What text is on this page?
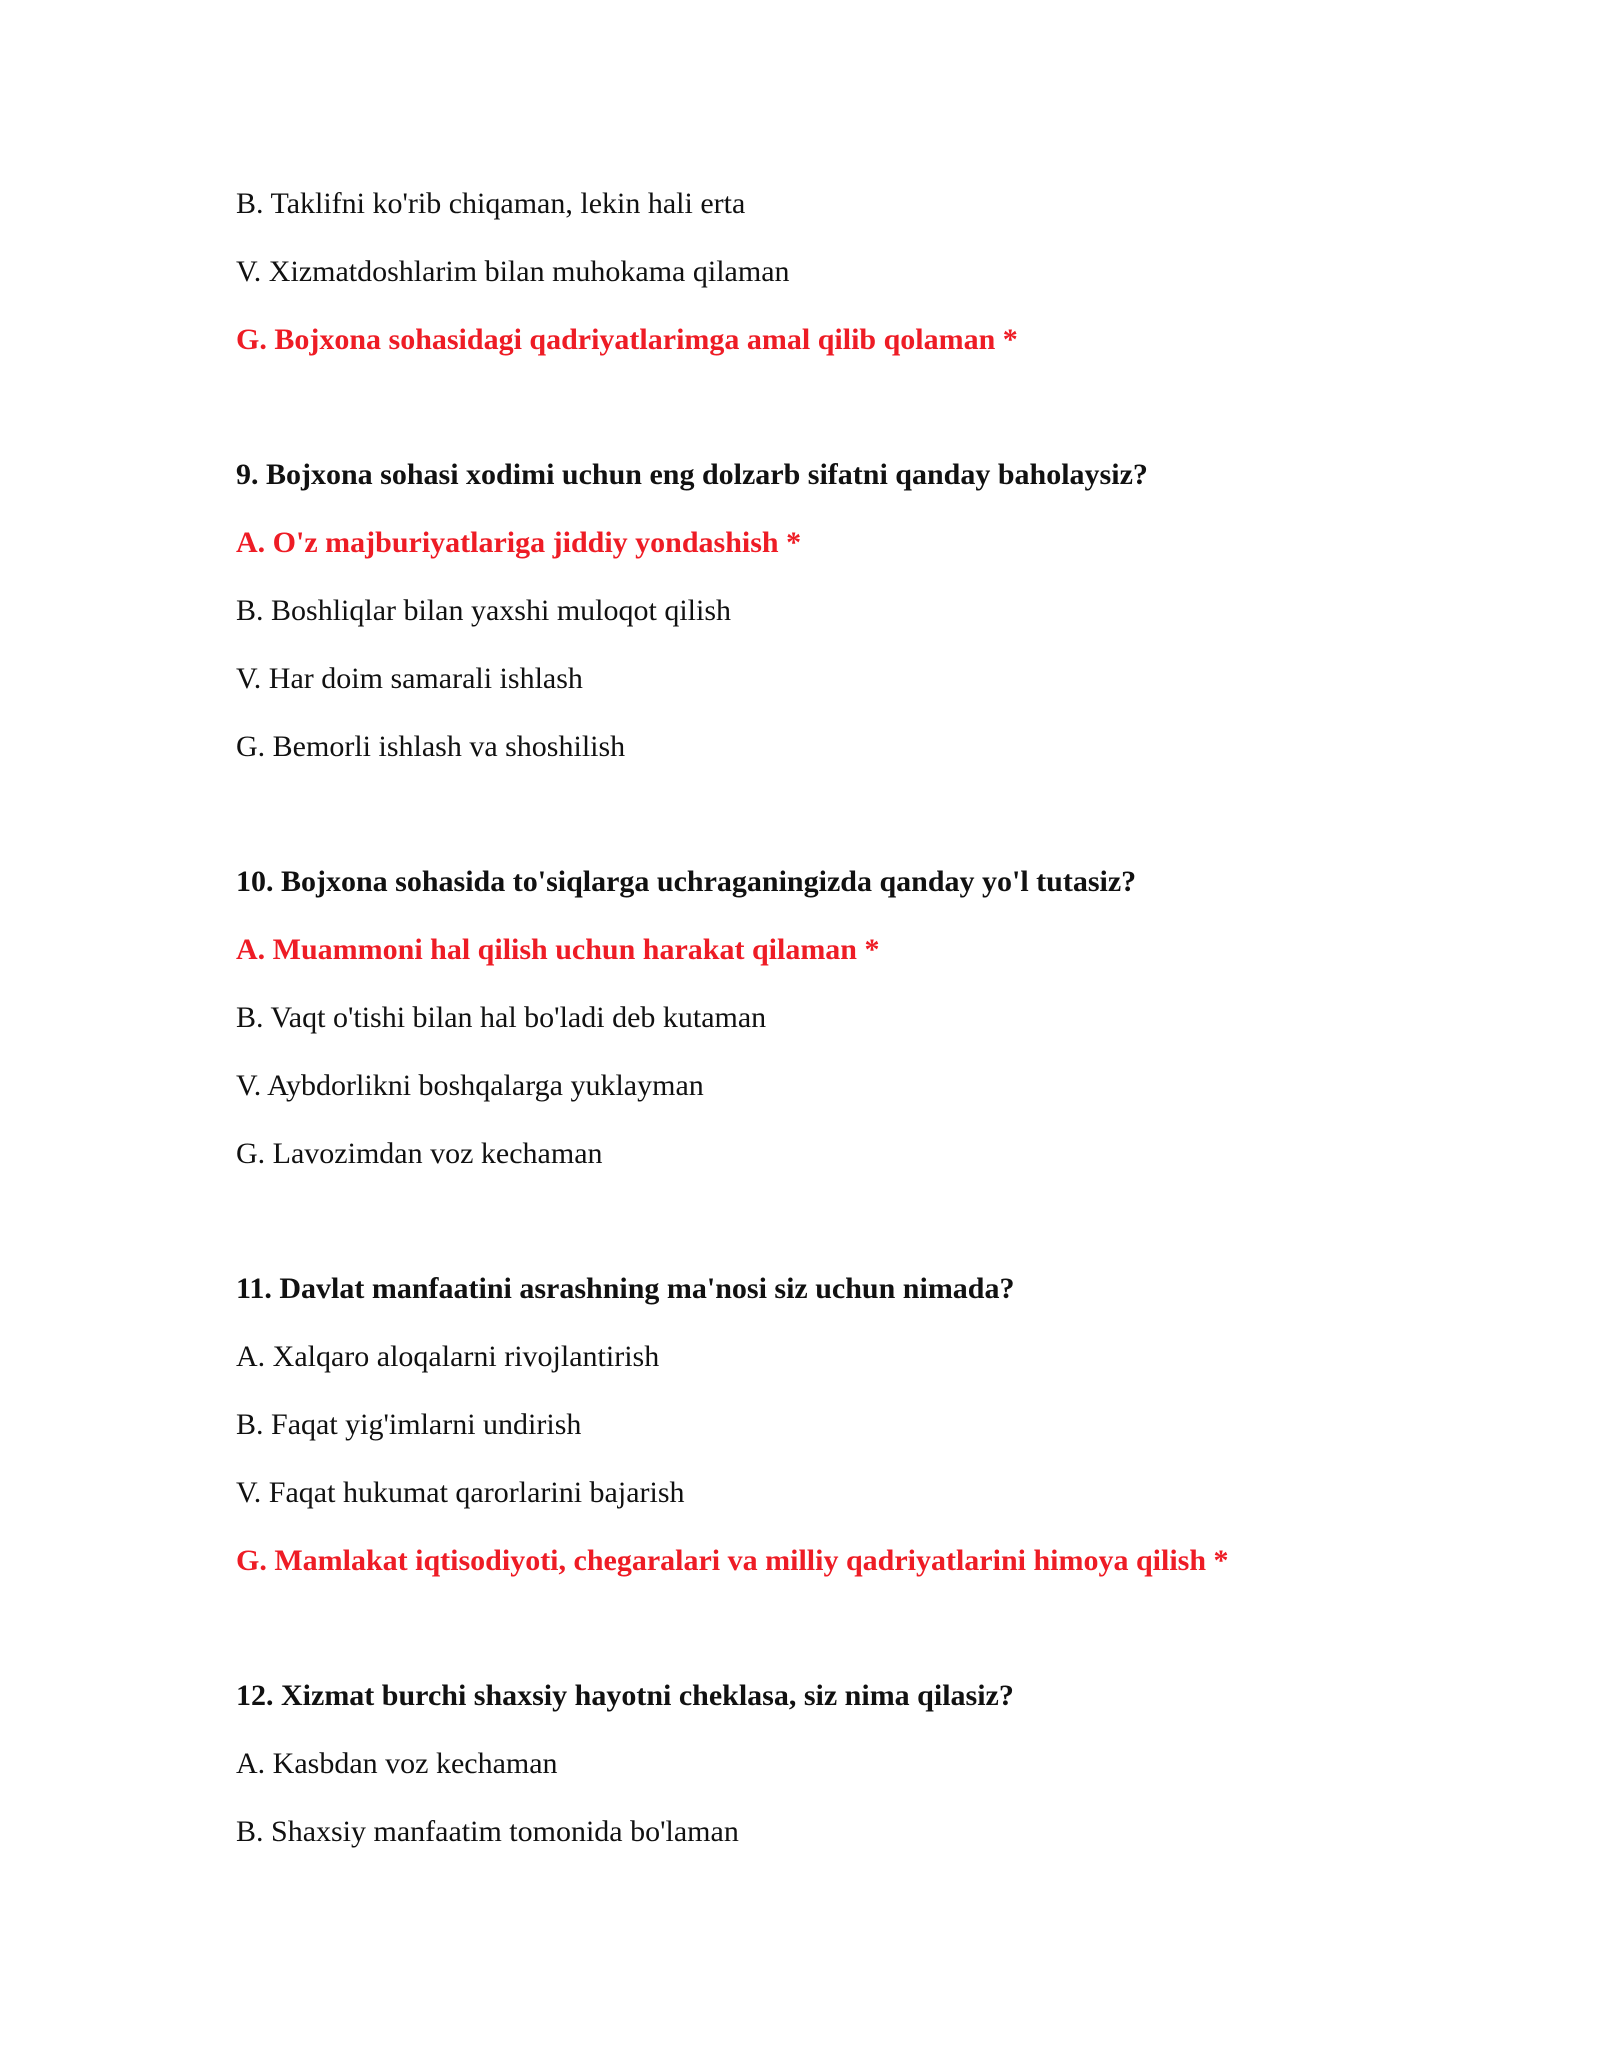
B. Taklifni ko'rib chiqaman, lekin hali erta
V. Xizmatdoshlarim bilan muhokama qilaman
G. Bojxona sohasidagi qadriyatlarimga amal qilib qolaman *
9. Bojxona sohasi xodimi uchun eng dolzarb sifatni qanday baholaysiz?
A. O'z majburiyatlariga jiddiy yondashish *
B. Boshliqlar bilan yaxshi muloqot qilish
V. Har doim samarali ishlash
G. Bemorli ishlash va shoshilish
10. Bojxona sohasida to'siqlarga uchraganingizda qanday yo'l tutasiz?
A. Muammoni hal qilish uchun harakat qilaman *
B. Vaqt o'tishi bilan hal bo'ladi deb kutaman
V. Aybdorlikni boshqalarga yuklayman
G. Lavozimdan voz kechaman
11. Davlat manfaatini asrashning ma'nosi siz uchun nimada?
A. Xalqaro aloqalarni rivojlantirish
B. Faqat yig'imlarni undirish
V. Faqat hukumat qarorlarini bajarish
G. Mamlakat iqtisodiyoti, chegaralari va milliy qadriyatlarini himoya qilish *
12. Xizmat burchi shaxsiy hayotni cheklasa, siz nima qilasiz?
A. Kasbdan voz kechaman
B. Shaxsiy manfaatim tomonida bo'laman
